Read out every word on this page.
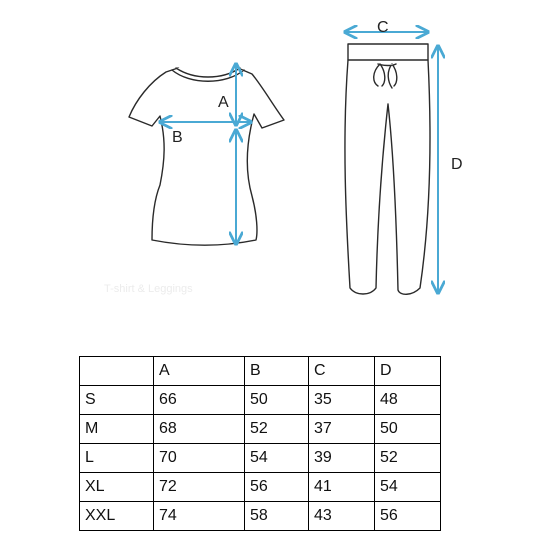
A
B
C
D
T-shirt & Leggings
	A	B	C	D
S	66	50	35	48
M	68	52	37	50
L	70	54	39	52
XL	72	56	41	54
XXL	74	58	43	56
